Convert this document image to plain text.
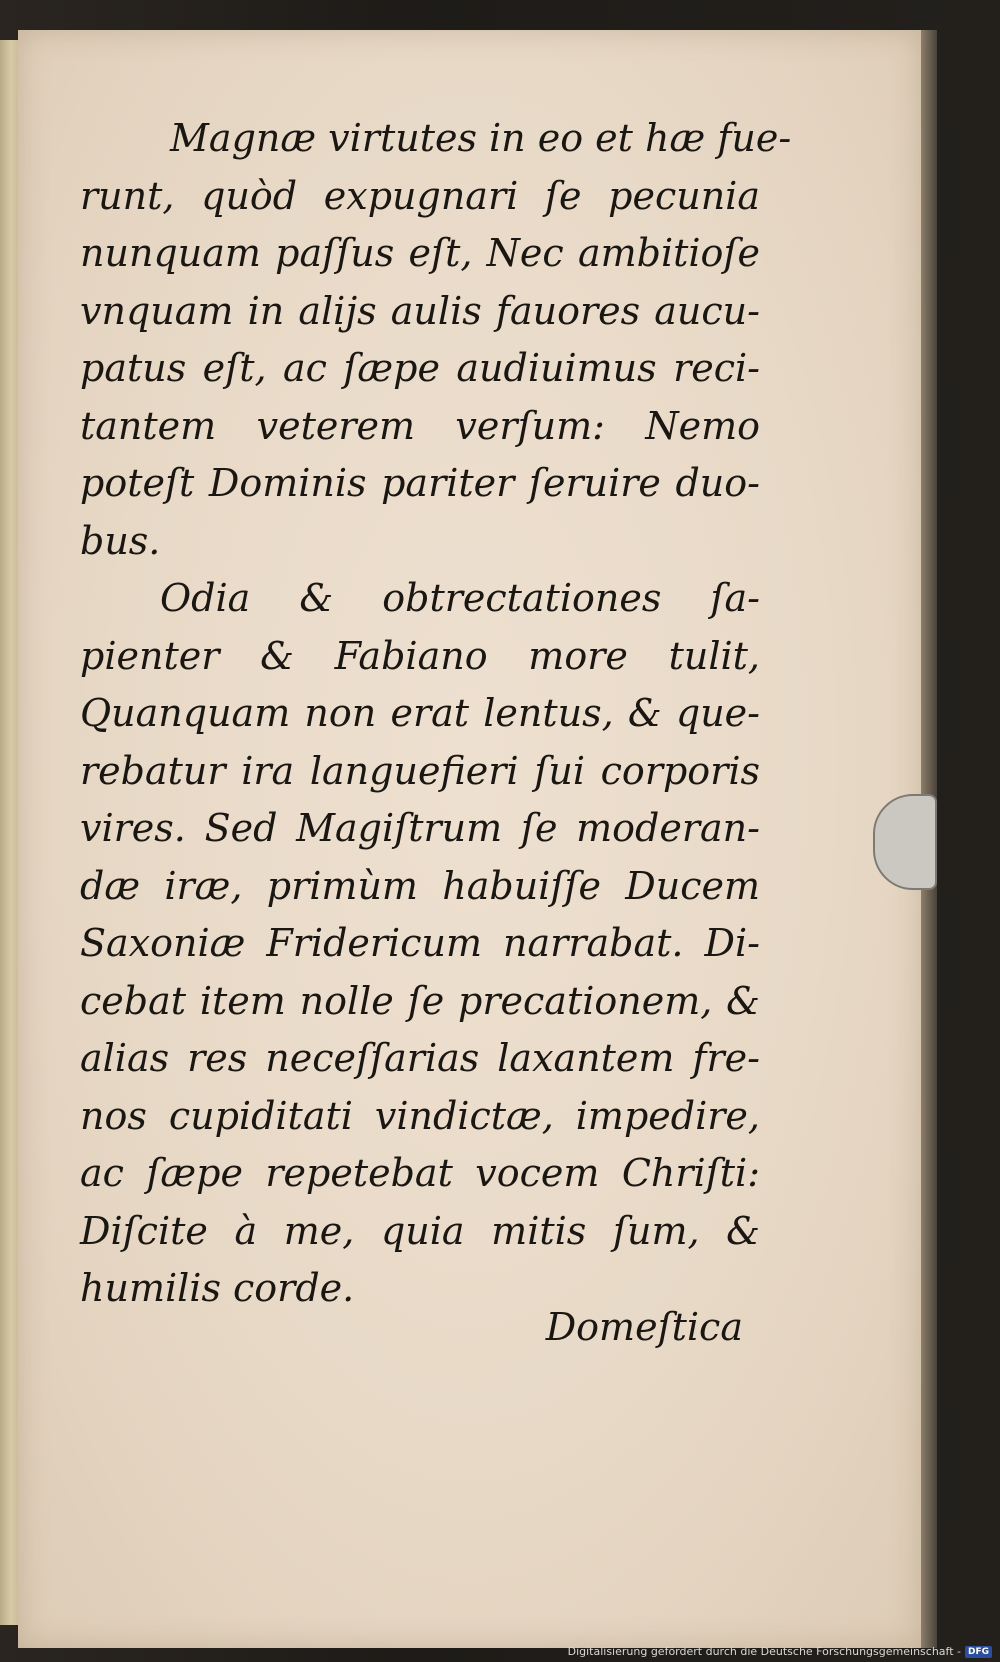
Magnæ virtutes in eo et hæ fue-
runt, quòd expugnari ſe pecunia
nunquam paſſus eſt, Nec ambitioſe
vnquam in alijs aulis fauores aucu-
patus eſt, ac ſæpe audiuimus reci-
tantem veterem verſum: Nemo
poteſt Dominis pariter ſeruire duo-
bus.
Odia & obtrectationes ſa-
pienter & Fabiano more tulit,
Quanquam non erat lentus, & que-
rebatur ira languefieri ſui corporis
vires. Sed Magiſtrum ſe moderan-
dæ iræ, primùm habuiſſe Ducem
Saxoniæ Fridericum narrabat. Di-
cebat item nolle ſe precationem, &
alias res neceſſarias laxantem fre-
nos cupiditati vindictæ, impedire,
ac ſæpe repetebat vocem Chriſti:
Diſcite à me, quia mitis ſum, &
humilis corde.
Domeſtica
Digitalisierung gefördert durch die Deutsche Forschungsgemeinschaft - DFG
